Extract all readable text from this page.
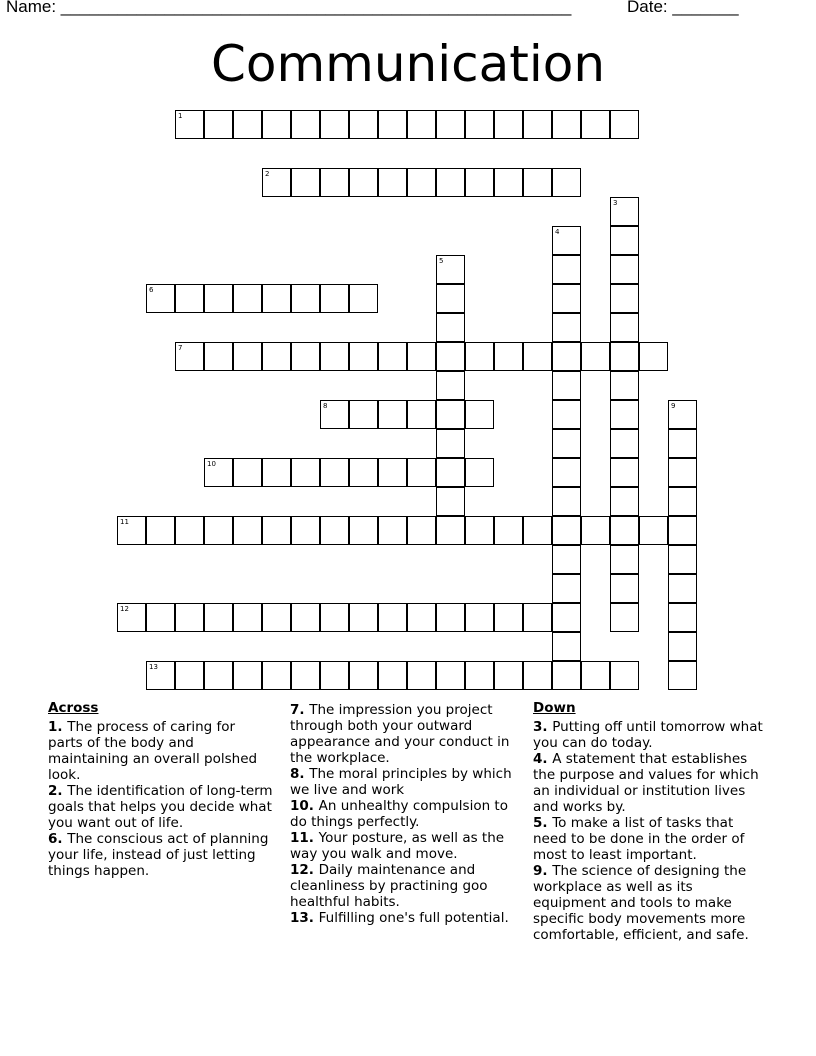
Name: ______________________________________________________	Date: _______
Communication
1
2
3
4
5
6
7
8	9
10
11
12
13
Across
1. The process of caring for parts of the body and maintaining an overall polshed look.
2. The identification of long-term goals that helps you decide what you want out of life.
6. The conscious act of planning your life, instead of just letting things happen.
7. The impression you project through both your outward appearance and your conduct in the workplace.
8. The moral principles by which we live and work
10. An unhealthy compulsion to do things perfectly.
11. Your posture, as well as the way you walk and move.
12. Daily maintenance and cleanliness by practining goo healthful habits.
13. Fulfilling one's full potential.
Down
3. Putting off until tomorrow what you can do today.
4. A statement that establishes the purpose and values for which an individual or institution lives and works by.
5. To make a list of tasks that need to be done in the order of most to least important.
9. The science of designing the workplace as well as its equipment and tools to make specific body movements more comfortable, efficient, and safe.
